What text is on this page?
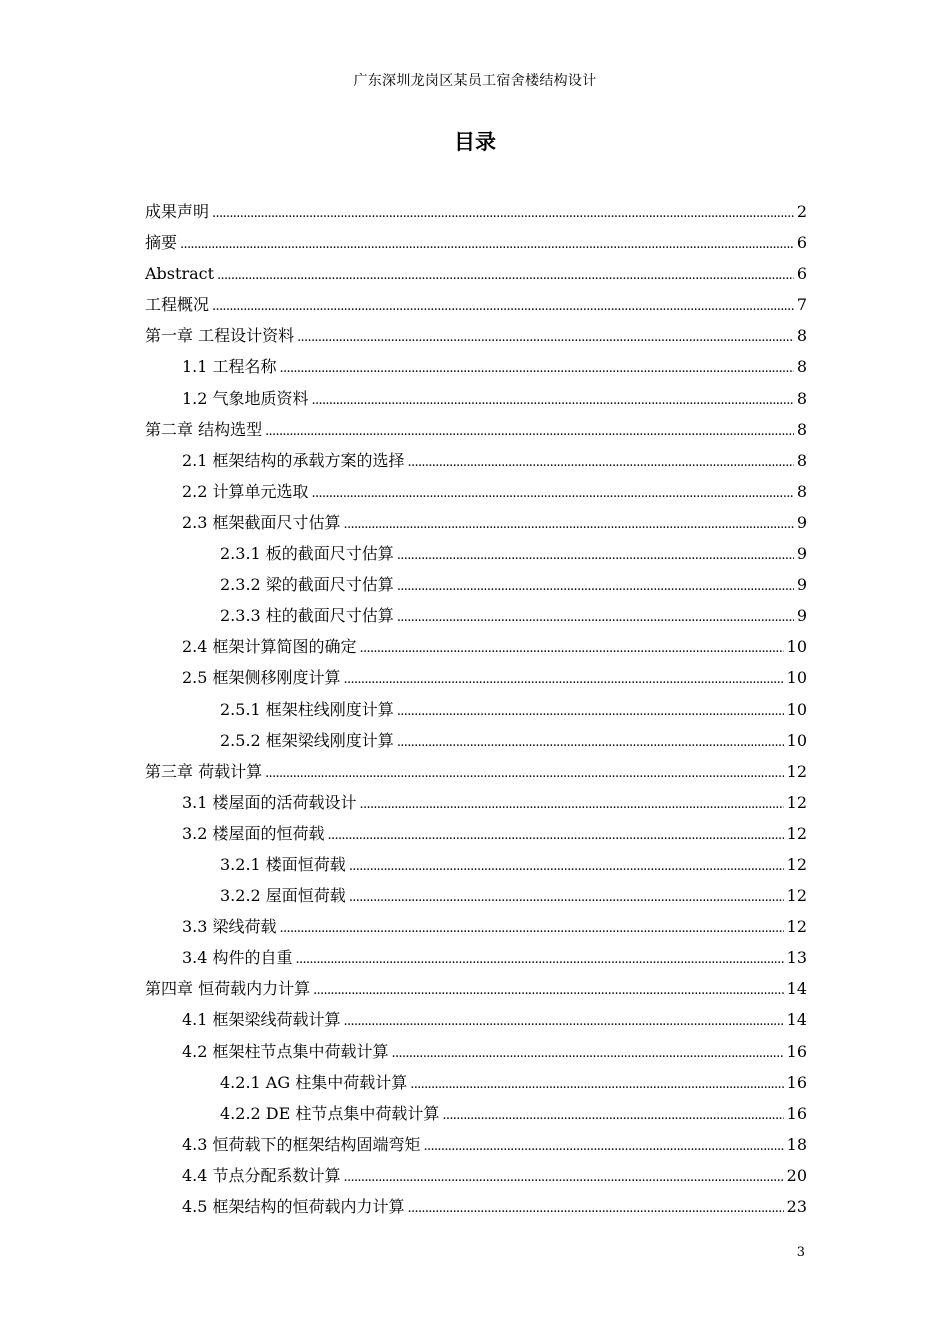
广东深圳龙岗区某员工宿舍楼结构设计
目录
成果声明 . . .	2
摘要 . . .	6
Abstract . . .	6
工程概况 . . .	7
第一章 工程设计资料 . . .	8
1.1 工程名称 . . .	8
1.2 气象地质资料 . . .	8
第二章 结构选型 . . .	8
2.1 框架结构的承载方案的选择 . . .	8
2.2 计算单元选取 . . .	8
2.3 框架截面尺寸估算 . . .	9
2.3.1 板的截面尺寸估算 . . .	9
2.3.2 梁的截面尺寸估算 . . .	9
2.3.3 柱的截面尺寸估算 . . .	9
2.4 框架计算简图的确定 . . .	10
2.5 框架侧移刚度计算 . . .	10
2.5.1 框架柱线刚度计算 . . .	10
2.5.2 框架梁线刚度计算 . . .	10
第三章 荷载计算 . . .	12
3.1 楼屋面的活荷载设计 . . .	12
3.2 楼屋面的恒荷载 . . .	12
3.2.1 楼面恒荷载 . . .	12
3.2.2 屋面恒荷载 . . .	12
3.3 梁线荷载 . . .	12
3.4 构件的自重 . . .	13
第四章 恒荷载内力计算 . . .	14
4.1 框架梁线荷载计算 . . .	14
4.2 框架柱节点集中荷载计算 . . .	16
4.2.1 AG 柱集中荷载计算 . . .	16
4.2.2 DE 柱节点集中荷载计算 . . .	16
4.3 恒荷载下的框架结构固端弯矩 . . .	18
4.4 节点分配系数计算 . . .	20
4.5 框架结构的恒荷载内力计算 . . .	23
3
